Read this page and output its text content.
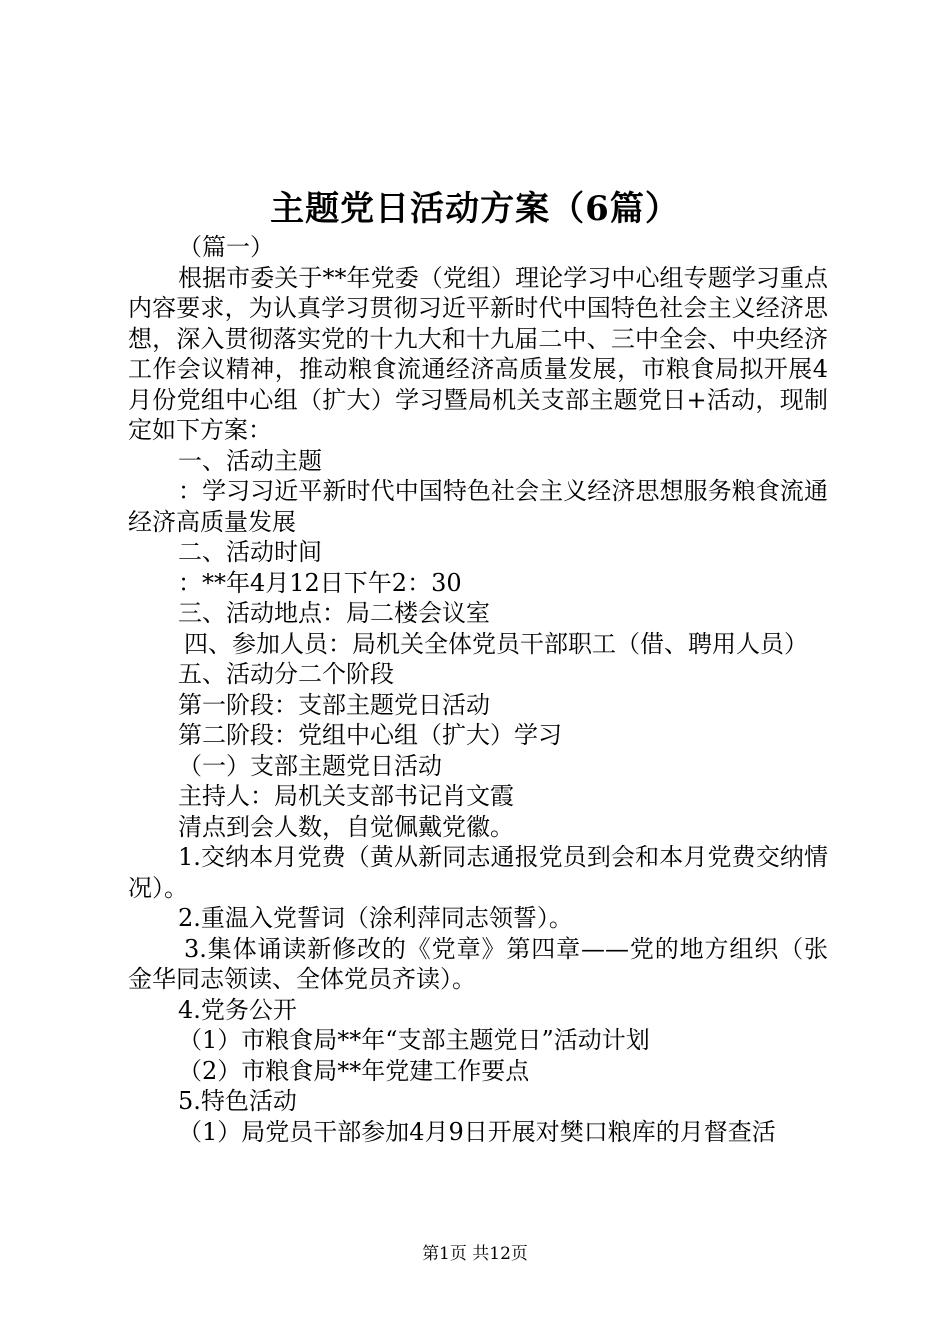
主题党日活动方案（6篇）

（篇一）

根据市委关于**年党委（党组）理论学习中心组专题学习重点内容要求，为认真学习贯彻习近平新时代中国特色社会主义经济思想，深入贯彻落实党的十九大和十九届二中、三中全会、中央经济工作会议精神，推动粮食流通经济高质量发展，市粮食局拟开展4月份党组中心组（扩大）学习暨局机关支部主题党日+活动，现制定如下方案：

一、活动主题

：学习习近平新时代中国特色社会主义经济思想服务粮食流通经济高质量发展

二、活动时间

：**年4月12日下午2：30

三、活动地点：局二楼会议室

四、参加人员：局机关全体党员干部职工（借、聘用人员）

五、活动分二个阶段

第一阶段：支部主题党日活动

第二阶段：党组中心组（扩大）学习

（一）支部主题党日活动

主持人：局机关支部书记肖文霞

清点到会人数，自觉佩戴党徽。

1.交纳本月党费（黄从新同志通报党员到会和本月党费交纳情况）。

2.重温入党誓词（涂利萍同志领誓）。

3.集体诵读新修改的《党章》第四章——党的地方组织（张金华同志领读、全体党员齐读）。

4.党务公开

（1）市粮食局**年“支部主题党日”活动计划

（2）市粮食局**年党建工作要点

5.特色活动

（1）局党员干部参加4月9日开展对樊口粮库的月督查活

第1页 共12页
